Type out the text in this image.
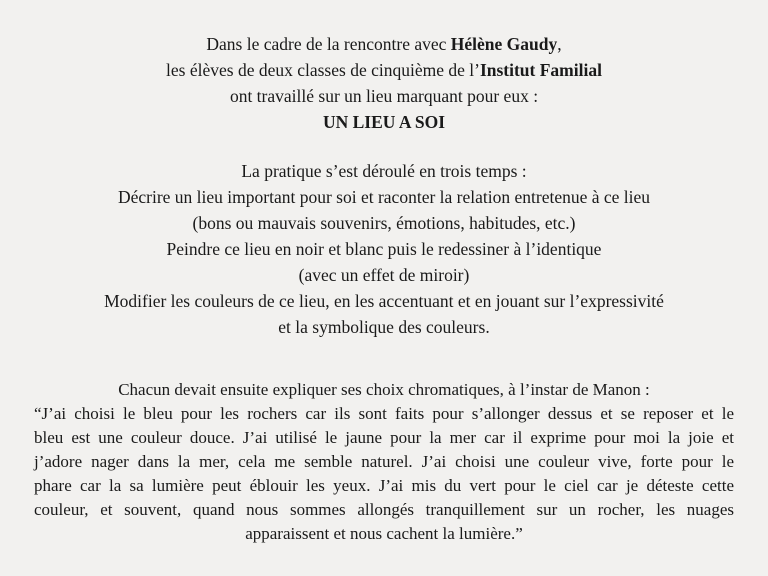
Dans le cadre de la rencontre avec Hélène Gaudy,
les élèves de deux classes de cinquième de l’Institut Familial
ont travaillé sur un lieu marquant pour eux :
UN LIEU A SOI
La pratique s’est déroulé en trois temps :
Décrire un lieu important pour soi et raconter la relation entretenue à ce lieu
(bons ou mauvais souvenirs, émotions, habitudes, etc.)
Peindre ce lieu en noir et blanc puis le redessiner à l’identique
(avec un effet de miroir)
Modifier les couleurs de ce lieu, en les accentuant et en jouant sur l’expressivité
et la symbolique des couleurs.
Chacun devait ensuite expliquer ses choix chromatiques, à l’instar de Manon :
“J’ai choisi le bleu pour les rochers car ils sont faits pour s’allonger dessus et se reposer et le
bleu est une couleur douce. J’ai utilisé le jaune pour la mer car il exprime pour moi la joie et
j’adore nager dans la mer, cela me semble naturel. J’ai choisi une couleur vive, forte pour le
phare car la sa lumière peut éblouir les yeux. J’ai mis du vert pour le ciel car je déteste cette
couleur, et souvent, quand nous sommes allongés tranquillement sur un rocher, les nuages
apparaissent et nous cachent la lumière.”
